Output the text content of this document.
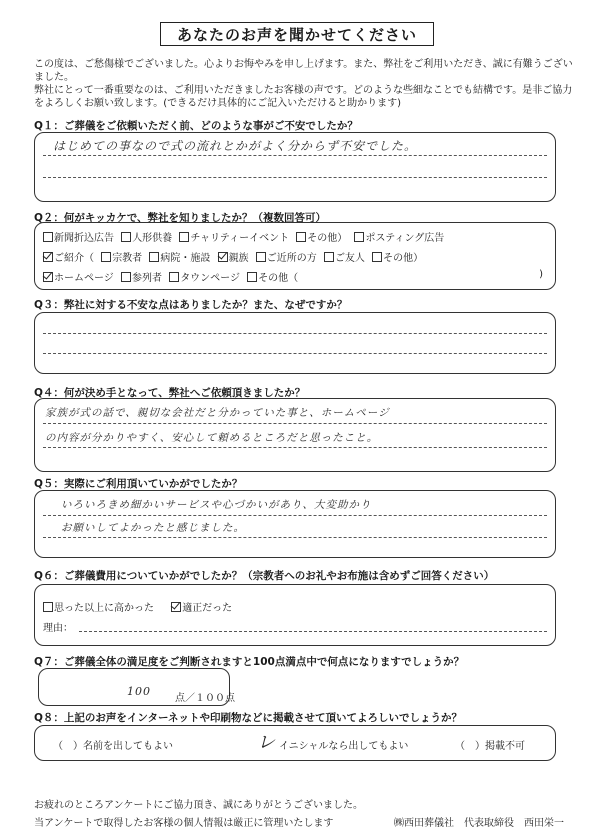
あなたのお声を聞かせてください
この度は、ご愁傷様でございました。心よりお悔やみを申し上げます。また、弊社をご利用いただき、誠に有難うございました。
弊社にとって一番重要なのは、ご利用いただきましたお客様の声です。どのような些細なことでも結構です。是非ご協力をよろしくお願い致します。(できるだけ具体的にご記入いただけると助かります)
Q１：ご葬儀をご依頼いただく前、どのような事がご不安でしたか？
はじめての事なので式の流れとかがよく分からず不安でした。
Q２：何がキッカケで、弊社を知りましたか？（複数回答可）
新聞折込広告 人形供養 チャリティーイベント その他） ポスティング広告
ご紹介（ 宗教者 病院・施設 親族 ご近所の方 ご友人 その他）
ホームページ 参列者 タウンページ その他（	)
Q３：弊社に対する不安な点はありましたか？また、なぜですか？
Q４：何が決め手となって、弊社へご依頼頂きましたか？
家族が式の話で、親切な会社だと分かっていた事と、ホームページ
の内容が分かりやすく、安心して頼めるところだと思ったこと。
Q５：実際にご利用頂いていかがでしたか？
いろいろきめ細かいサービスや心づかいがあり、大変助かり
お願いしてよかったと感じました。
Q６：ご葬儀費用についていかがでしたか？（宗教者へのお礼やお布施は含めずご回答ください）
思った以上に高かった	適正だった
理由：
Q７：ご葬儀全体の満足度をご判断されますと100点満点中で何点になりますでしょうか？
100
点／１００点
Q８：上記のお声をインターネットや印刷物などに掲載させて頂いてよろしいでしょうか？
（　）名前を出してもよい	レ イニシャルなら出してもよい	（　）掲載不可
お疲れのところアンケートにご協力頂き、誠にありがとうございました。
当アンケートで取得したお客様の個人情報は厳正に管理いたします	㈱西田葬儀社　代表取締役　西田栄一
